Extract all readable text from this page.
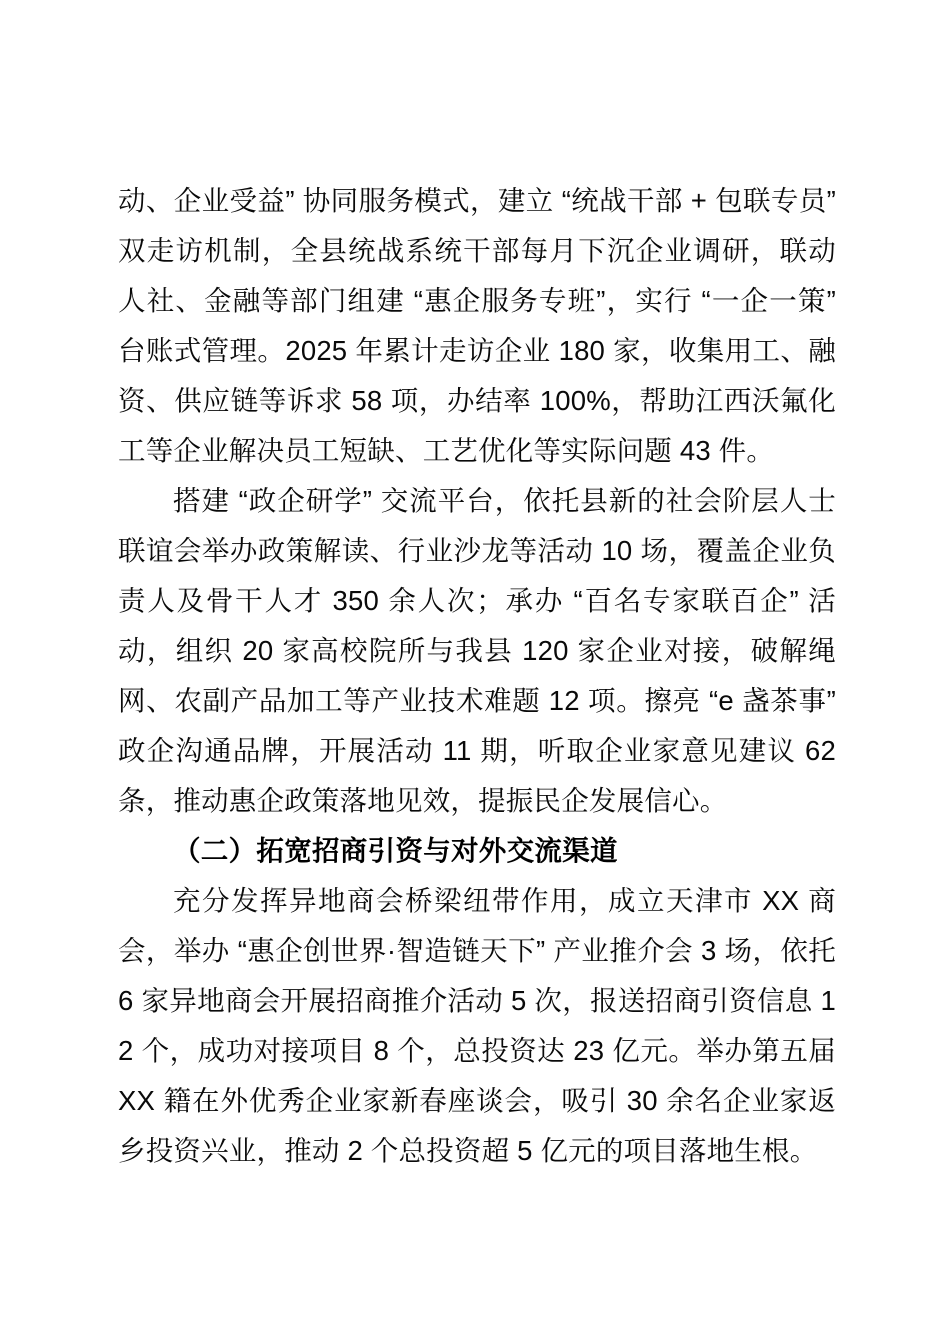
动、企业受益” 协同服务模式，建立 “统战干部 + 包联专员” 双走访机制，全县统战系统干部每月下沉企业调研，联动人社、金融等部门组建 “惠企服务专班”，实行 “一企一策” 台账式管理。2025 年累计走访企业 180 家，收集用工、融资、供应链等诉求 58 项，办结率 100%，帮助江西沃氟化工等企业解决员工短缺、工艺优化等实际问题 43 件。

搭建 “政企研学” 交流平台，依托县新的社会阶层人士联谊会举办政策解读、行业沙龙等活动 10 场，覆盖企业负责人及骨干人才 350 余人次；承办 “百名专家联百企” 活动，组织 20 家高校院所与我县 120 家企业对接，破解绳网、农副产品加工等产业技术难题 12 项。擦亮 “e 盏茶事” 政企沟通品牌，开展活动 11 期，听取企业家意见建议 62 条，推动惠企政策落地见效，提振民企发展信心。

（二）拓宽招商引资与对外交流渠道

充分发挥异地商会桥梁纽带作用，成立天津市 XX 商会，举办 “惠企创世界·智造链天下” 产业推介会 3 场，依托 6 家异地商会开展招商推介活动 5 次，报送招商引资信息 12 个，成功对接项目 8 个，总投资达 23 亿元。举办第五届 XX 籍在外优秀企业家新春座谈会，吸引 30 余名企业家返乡投资兴业，推动 2 个总投资超 5 亿元的项目落地生根。
